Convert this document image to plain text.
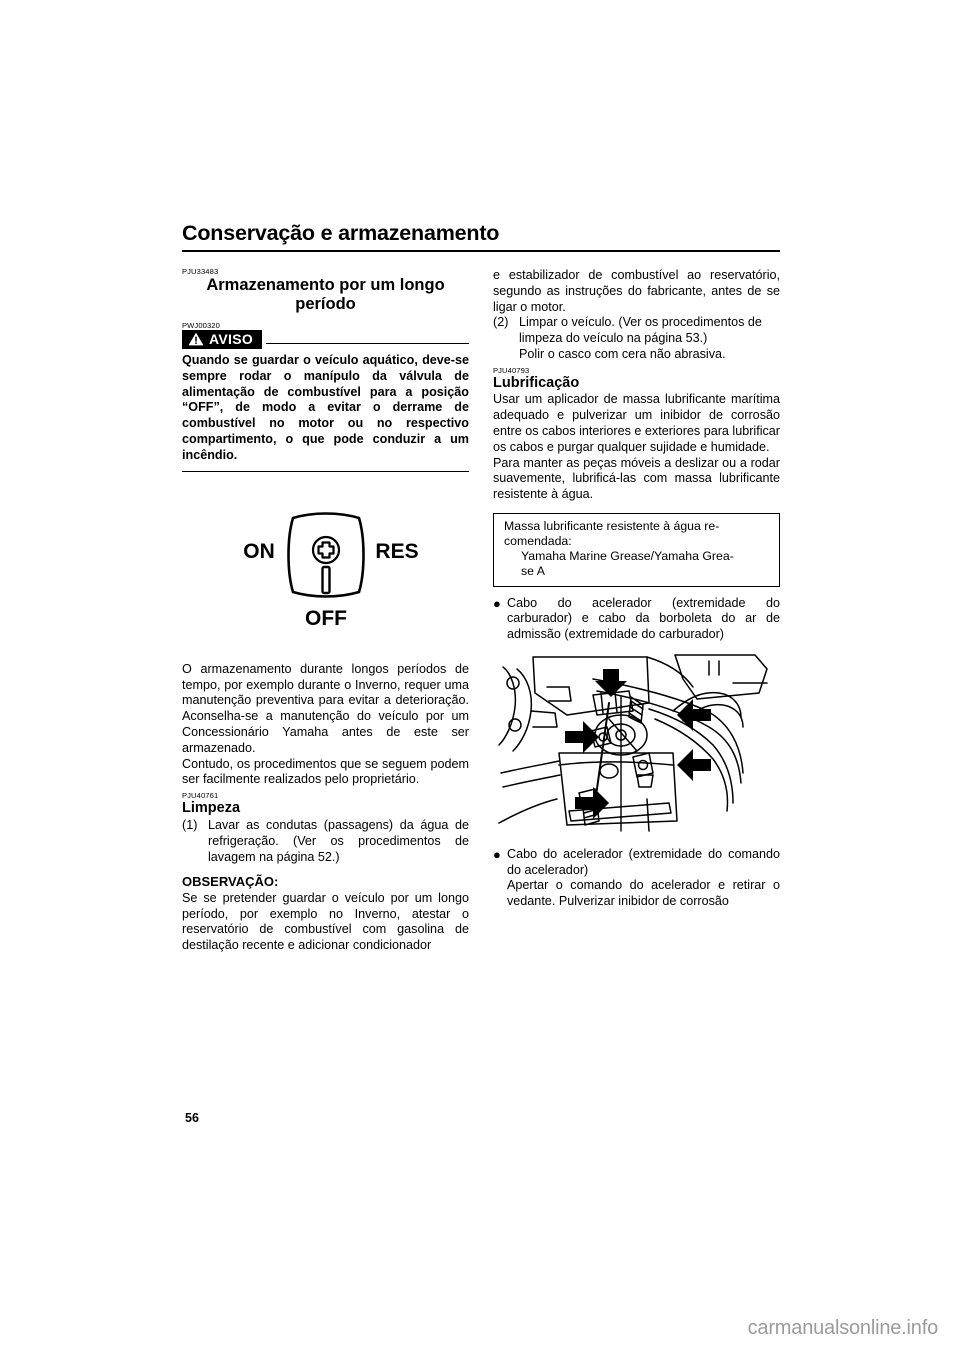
Conservação e armazenamento
PJU33483
Armazenamento por um longo período
PWJ00320
AVISO

Quando se guardar o veículo aquático, deve-se sempre rodar o manípulo da válvula de alimentação de combustível para a posição “OFF”, de modo a evitar o derrame de combustível no motor ou no respectivo compartimento, o que pode conduzir a um incêndio.

ON	RES
OFF

O armazenamento durante longos períodos de tempo, por exemplo durante o Inverno, requer uma manutenção preventiva para evitar a deterioração. Aconselha-se a manutenção do veículo por um Concessionário Yamaha antes de este ser armazenado.

Contudo, os procedimentos que se seguem podem ser facilmente realizados pelo proprietário.

PJU40761
Limpeza
(1) Lavar as condutas (passagens) da água de refrigeração. (Ver os procedimentos de lavagem na página 52.)
OBSERVAÇÃO:

Se se pretender guardar o veículo por um longo período, por exemplo no Inverno, atestar o reservatório de combustível com gasolina de destilação recente e adicionar condicionador

e estabilizador de combustível ao reservatório, segundo as instruções do fabricante, antes de se ligar o motor.

(2) Limpar o veículo. (Ver os procedimentos de limpeza do veículo na página 53.)
Polir o casco com cera não abrasiva.
PJU40793
Lubrificação

Usar um aplicador de massa lubrificante marítima adequado e pulverizar um inibidor de corrosão entre os cabos interiores e exteriores para lubrificar os cabos e purgar qualquer sujidade e humidade.

Para manter as peças móveis a deslizar ou a rodar suavemente, lubrificá-las com massa lubrificante resistente à água.

Massa lubrificante resistente à água re-

comendada:

Yamaha Marine Grease/Yamaha Grea-

se A

● Cabo do acelerador (extremidade do carburador) e cabo da borboleta do ar de admissão (extremidade do carburador)
● Cabo do acelerador (extremidade do comando do acelerador)
Apertar o comando do acelerador e retirar o vedante. Pulverizar inibidor de corrosão
56
carmanualsonline.info
